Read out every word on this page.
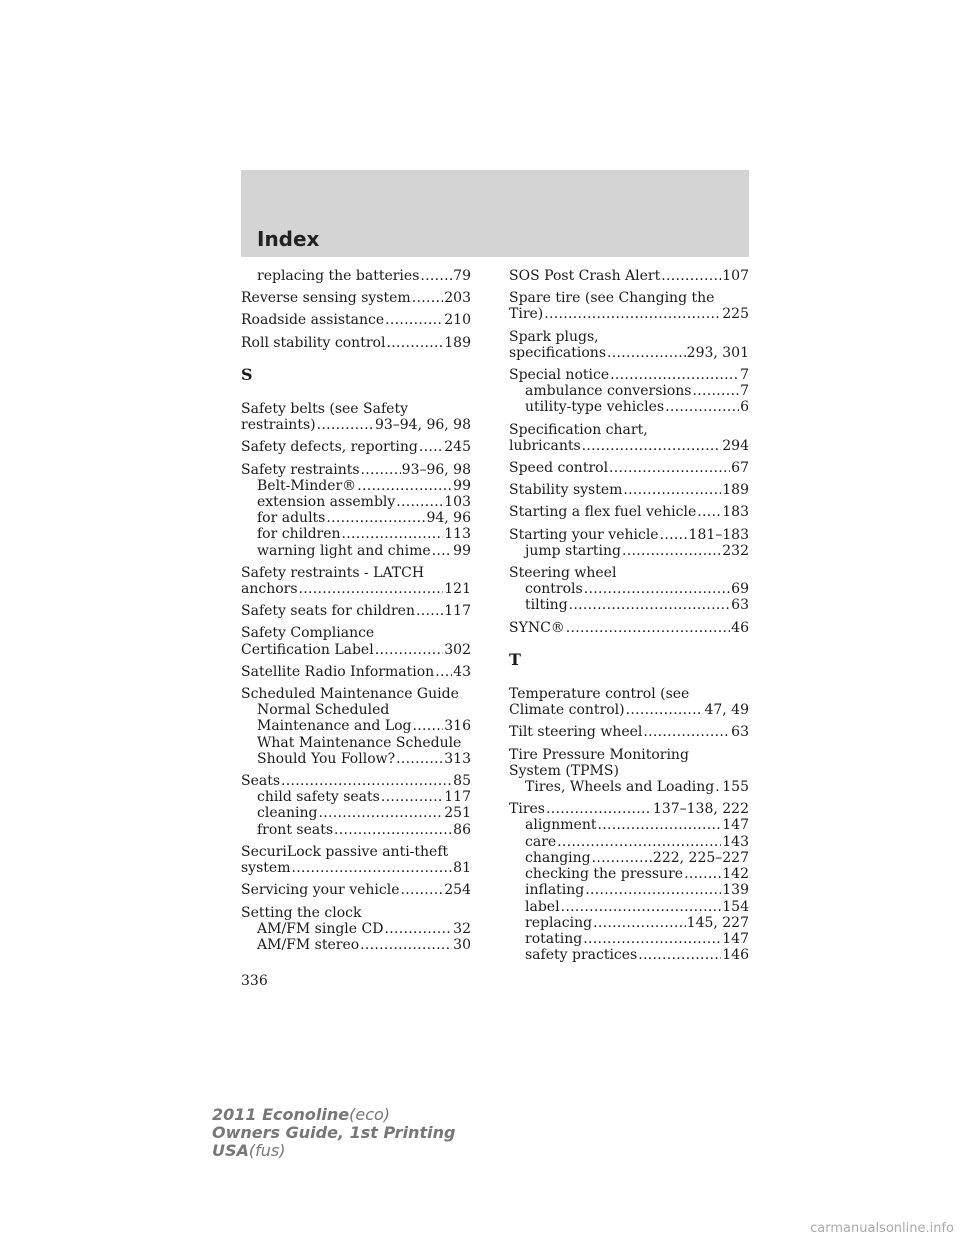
Index
replacing the batteries ..... 79
Reverse sensing system ..... 203
Roadside assistance .....	210
Roll stability control .....	189
S
Safety belts (see Safety
restraints) .....	93–94, 96, 98
Safety defects, reporting ..... 245
Safety restraints .....	93–96, 98
Belt-Minder® .....	99
extension assembly .....	103
for adults .....	94, 96
for children .....	113
warning light and chime ..... 99
Safety restraints - LATCH
anchors .....	121
Safety seats for children ..... 117
Safety Compliance
Certification Label .....	302
Satellite Radio Information ..... 43
Scheduled Maintenance Guide
Normal Scheduled
Maintenance and Log ..... 316
What Maintenance Schedule
Should You Follow? .....	313
Seats .....	85
child safety seats .....	117
cleaning .....	251
front seats .....	86
SecuriLock passive anti-theft
system .....	81
Servicing your vehicle .....	254
Setting the clock
AM/FM single CD .....	32
AM/FM stereo .....	30
SOS Post Crash Alert .....	107
Spare tire (see Changing the
Tire) .....	225
Spark plugs,
specifications .....	293, 301
Special notice .....	7
ambulance conversions .....	7
utility-type vehicles .....	6
Specification chart,
lubricants .....	294
Speed control .....	67
Stability system .....	189
Starting a flex fuel vehicle ..... 183
Starting your vehicle ..... 181–183
jump starting .....	232
Steering wheel
controls .....	69
tilting .....	63
SYNC® .....	46
T
Temperature control (see
Climate control) .....	47, 49
Tilt steering wheel .....	63
Tire Pressure Monitoring
System (TPMS)
Tires, Wheels and Loading ..... 155
Tires .....	137–138, 222
alignment .....	147
care .....	143
changing .....	222, 225–227
checking the pressure .....	142
inflating .....	139
label .....	154
replacing .....	145, 227
rotating .....	147
safety practices .....	146
336
2011 Econoline(eco)
Owners Guide, 1st Printing
USA(fus)
carmanualsonline.info
